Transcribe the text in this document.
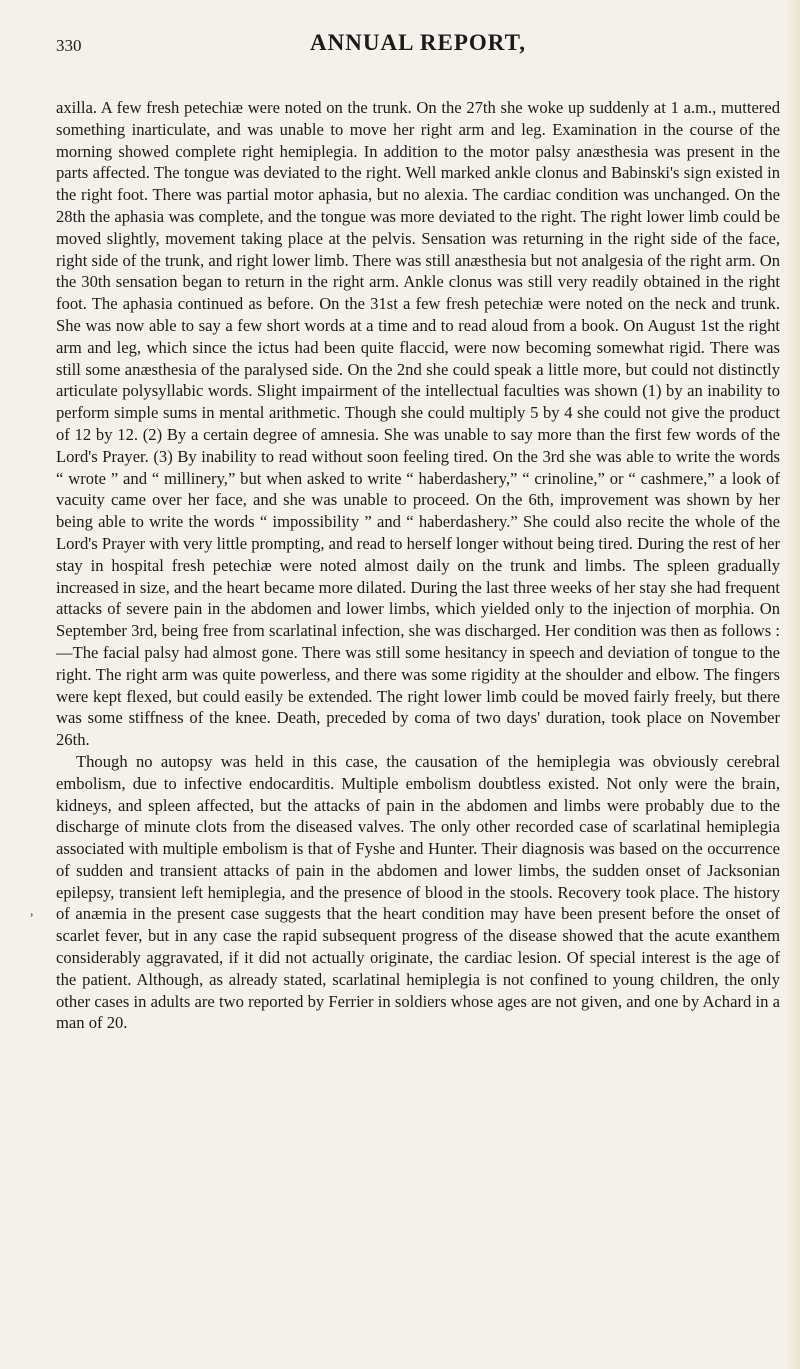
330	ANNUAL REPORT,
,

axilla. A few fresh petechiæ were noted on the trunk. On the 27th she woke up suddenly at 1 a.m., muttered something inarticulate, and was unable to move her right arm and leg. Examination in the course of the morning showed complete right hemiplegia. In addition to the motor palsy anæsthesia was present in the parts affected. The tongue was deviated to the right. Well marked ankle clonus and Babinski's sign existed in the right foot. There was partial motor aphasia, but no alexia. The cardiac condition was unchanged. On the 28th the aphasia was complete, and the tongue was more deviated to the right. The right lower limb could be moved slightly, movement taking place at the pelvis. Sensation was returning in the right side of the face, right side of the trunk, and right lower limb. There was still anæsthesia but not analgesia of the right arm. On the 30th sensation began to return in the right arm. Ankle clonus was still very readily obtained in the right foot. The aphasia continued as before. On the 31st a few fresh petechiæ were noted on the neck and trunk. She was now able to say a few short words at a time and to read aloud from a book. On August 1st the right arm and leg, which since the ictus had been quite flaccid, were now becoming somewhat rigid. There was still some anæsthesia of the paralysed side. On the 2nd she could speak a little more, but could not distinctly articulate polysyllabic words. Slight impairment of the intellectual faculties was shown (1) by an inability to perform simple sums in mental arithmetic. Though she could multiply 5 by 4 she could not give the product of 12 by 12. (2) By a certain degree of amnesia. She was unable to say more than the first few words of the Lord's Prayer. (3) By inability to read without soon feeling tired. On the 3rd she was able to write the words “ wrote ” and “ millinery,” but when asked to write “ haberdashery,” “ crinoline,” or “ cashmere,” a look of vacuity came over her face, and she was unable to proceed. On the 6th, improvement was shown by her being able to write the words “ impossibility ” and “ haberdashery.” She could also recite the whole of the Lord's Prayer with very little prompting, and read to herself longer without being tired. During the rest of her stay in hospital fresh petechiæ were noted almost daily on the trunk and limbs. The spleen gradually increased in size, and the heart became more dilated. During the last three weeks of her stay she had frequent attacks of severe pain in the abdomen and lower limbs, which yielded only to the injection of morphia. On September 3rd, being free from scarlatinal infection, she was discharged. Her condition was then as follows :—The facial palsy had almost gone. There was still some hesitancy in speech and deviation of tongue to the right. The right arm was quite powerless, and there was some rigidity at the shoulder and elbow. The fingers were kept flexed, but could easily be extended. The right lower limb could be moved fairly freely, but there was some stiffness of the knee. Death, preceded by coma of two days' duration, took place on November 26th.

Though no autopsy was held in this case, the causation of the hemiplegia was obviously cerebral embolism, due to infective endocarditis. Multiple embolism doubtless existed. Not only were the brain, kidneys, and spleen affected, but the attacks of pain in the abdomen and limbs were probably due to the discharge of minute clots from the diseased valves. The only other recorded case of scarlatinal hemiplegia associated with multiple embolism is that of Fyshe and Hunter. Their diagnosis was based on the occurrence of sudden and transient attacks of pain in the abdomen and lower limbs, the sudden onset of Jacksonian epilepsy, transient left hemiplegia, and the presence of blood in the stools. Recovery took place. The history of anæmia in the present case suggests that the heart condition may have been present before the onset of scarlet fever, but in any case the rapid subsequent progress of the disease showed that the acute exanthem considerably aggravated, if it did not actually originate, the cardiac lesion. Of special interest is the age of the patient. Although, as already stated, scarlatinal hemiplegia is not confined to young children, the only other cases in adults are two reported by Ferrier in soldiers whose ages are not given, and one by Achard in a man of 20.
